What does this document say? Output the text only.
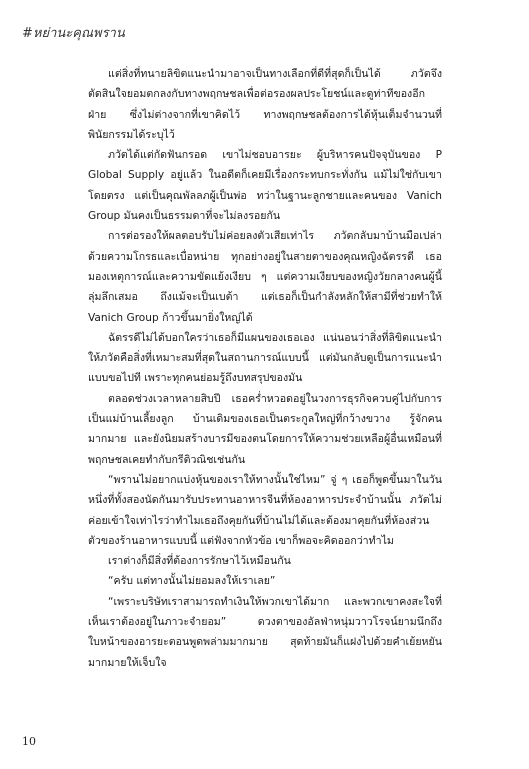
#หย่านะคุณพราน

แต่สิ่งที่ทนายลิขิตแนะนำมาอาจเป็นทางเลือกที่ดีที่สุดก็เป็นได้ ภวัตจึงตัดสินใจยอมตกลงกับทางพฤกษชลเพื่อต่อรองผลประโยชน์และดูท่าทีของอีกฝ่าย ซึ่งไม่ต่างจากที่เขาคิดไว้ ทางพฤกษชลต้องการได้หุ้นเต็มจำนวนที่พินัยกรรมได้ระบุไว้

ภวัตได้แต่กัดฟันกรอด เขาไม่ชอบอารยะ ผู้บริหารคนปัจจุบันของ P Global Supply อยู่แล้ว ในอดีตก็เคยมีเรื่องกระทบกระทั่งกัน แม้ไม่ใช่กับเขาโดยตรง แต่เป็นคุณพัลลภผู้เป็นพ่อ ทว่าในฐานะลูกชายและคนของ Vanich Group มันคงเป็นธรรมดาที่จะไม่ลงรอยกัน

การต่อรองให้ผลตอบรับไม่ค่อยลงตัวเสียเท่าไร ภวัตกลับมาบ้านมือเปล่าด้วยความโกรธและเบื่อหน่าย ทุกอย่างอยู่ในสายตาของคุณหญิงฉัตรรดี เธอมองเหตุการณ์และความขัดแย้งเงียบ ๆ แต่ความเงียบของหญิงวัยกลางคนผู้นี้ลุ่มลึกเสมอ ถึงแม้จะเป็นเบต้า แต่เธอก็เป็นกำลังหลักให้สามีที่ช่วยทำให้ Vanich Group ก้าวขึ้นมายิ่งใหญ่ได้

ฉัตรรดีไม่ได้บอกใครว่าเธอก็มีแผนของเธอเอง แน่นอนว่าสิ่งที่ลิขิตแนะนำให้ภวัตคือสิ่งที่เหมาะสมที่สุดในสถานการณ์แบบนี้ แต่มันกลับดูเป็นการแนะนำแบบขอไปที เพราะทุกคนย่อมรู้ถึงบทสรุปของมัน

ตลอดช่วงเวลาหลายสิบปี เธอคร่ำหวอดอยู่ในวงการธุรกิจควบคู่ไปกับการเป็นแม่บ้านเลี้ยงลูก บ้านเดิมของเธอเป็นตระกูลใหญ่ที่กว้างขวาง รู้จักคนมากมาย และยังนิยมสร้างบารมีของตนโดยการให้ความช่วยเหลือผู้อื่นเหมือนที่พฤกษชลเคยทำกับกรีติวณิชเช่นกัน

“พรานไม่อยากแบ่งหุ้นของเราให้ทางนั้นใช่ไหม” จู่ ๆ เธอก็พูดขึ้นมาในวันหนึ่งที่ทั้งสองนัดกันมารับประทานอาหารจีนที่ห้องอาหารประจำบ้านนั้น ภวัตไม่ค่อยเข้าใจเท่าไรว่าทำไมเธอถึงคุยกันที่บ้านไม่ได้และต้องมาคุยกันที่ห้องส่วนตัวของร้านอาหารแบบนี้ แต่ฟังจากหัวข้อ เขาก็พอจะคิดออกว่าทำไม

เราต่างก็มีสิ่งที่ต้องการรักษาไว้เหมือนกัน

“ครับ แต่ทางนั้นไม่ยอมลงให้เราเลย”

“เพราะบริษัทเราสามารถทำเงินให้พวกเขาได้มาก และพวกเขาคงสะใจที่เห็นเราต้องอยู่ในภาวะจำยอม” ดวงตาของอัลฟ่าหนุ่มวาวโรจน์ยามนึกถึงใบหน้าของอารยะตอนพูดพล่ามมากมาย สุดท้ายมันก็แฝงไปด้วยคำเย้ยหยันมากมายให้เจ็บใจ

10
